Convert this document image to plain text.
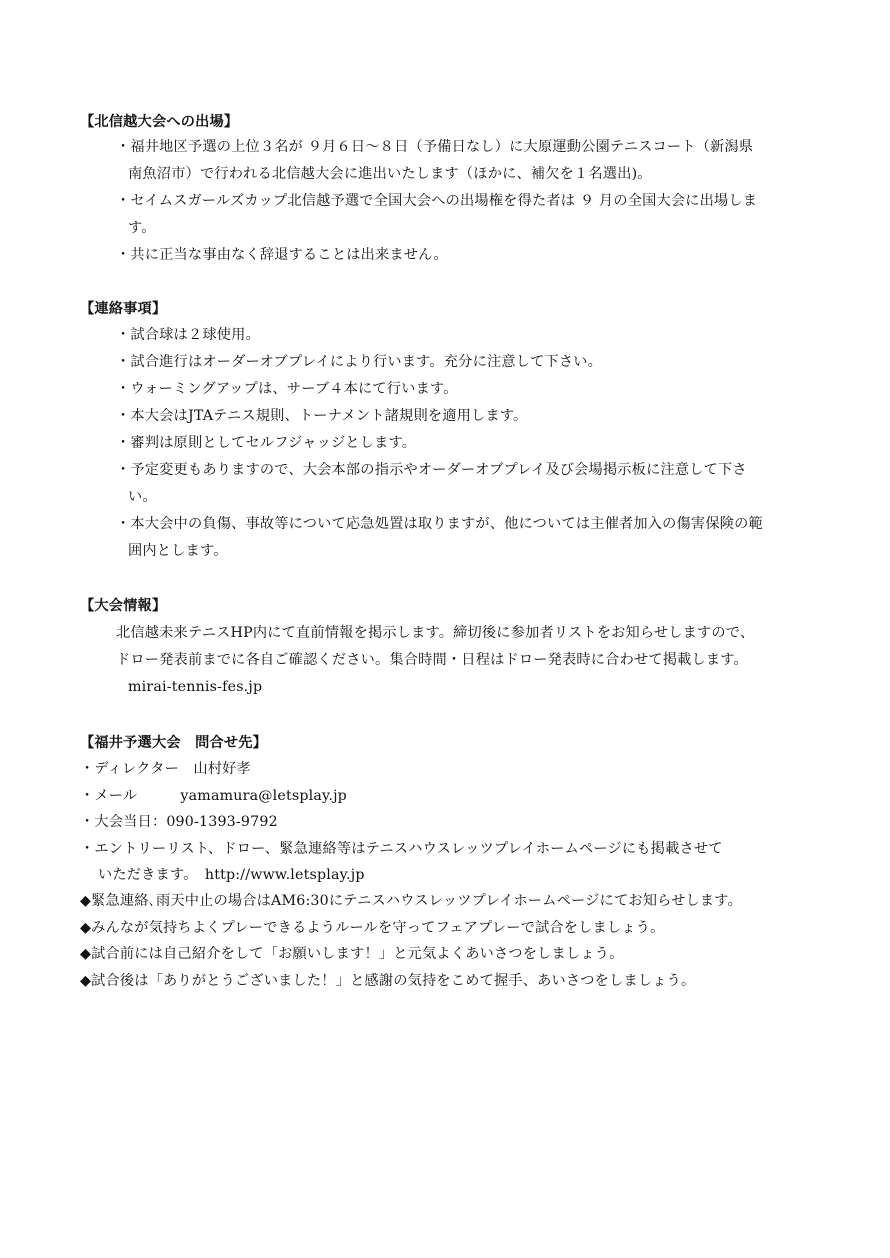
【北信越大会への出場】
・福井地区予選の上位３名が ９月６日～８日（予備日なし）に大原運動公園テニスコート（新潟県
南魚沼市）で行われる北信越大会に進出いたします（ほかに、補欠を１名選出)。
・セイムスガールズカップ北信越予選で全国大会への出場権を得た者は ９ 月の全国大会に出場しま
す。
・共に正当な事由なく辞退することは出来ません。
【連絡事項】
・試合球は２球使用。
・試合進行はオーダーオブプレイにより行います。充分に注意して下さい。
・ウォーミングアップは、サーブ４本にて行います。
・本大会はJTAテニス規則、トーナメント諸規則を適用します。
・審判は原則としてセルフジャッジとします。
・予定変更もありますので、大会本部の指示やオーダーオブプレイ及び会場掲示板に注意して下さ
い。
・本大会中の負傷、事故等について応急処置は取りますが、他については主催者加入の傷害保険の範
囲内とします。
【大会情報】
北信越未来テニスHP内にて直前情報を掲示します。締切後に参加者リストをお知らせしますので、
ドロー発表前までに各自ご確認ください。集合時間・日程はドロー発表時に合わせて掲載します。
mirai-tennis-fes.jp
【福井予選大会　問合せ先】
・ディレクター　山村好孝
・メール　　　yamamura@letsplay.jp
・大会当日：090-1393-9792
・エントリーリスト、ドロー、緊急連絡等はテニスハウスレッツプレイホームページにも掲載させて
いただきます。　http://www.letsplay.jp
◆緊急連絡､雨天中止の場合はAM6:30にテニスハウスレッツプレイホームページにてお知らせします。
◆みんなが気持ちよくプレーできるようルールを守ってフェアプレーで試合をしましょう。
◆試合前には自己紹介をして「お願いします！」と元気よくあいさつをしましょう。
◆試合後は「ありがとうございました！」と感謝の気持をこめて握手、あいさつをしましょう。
